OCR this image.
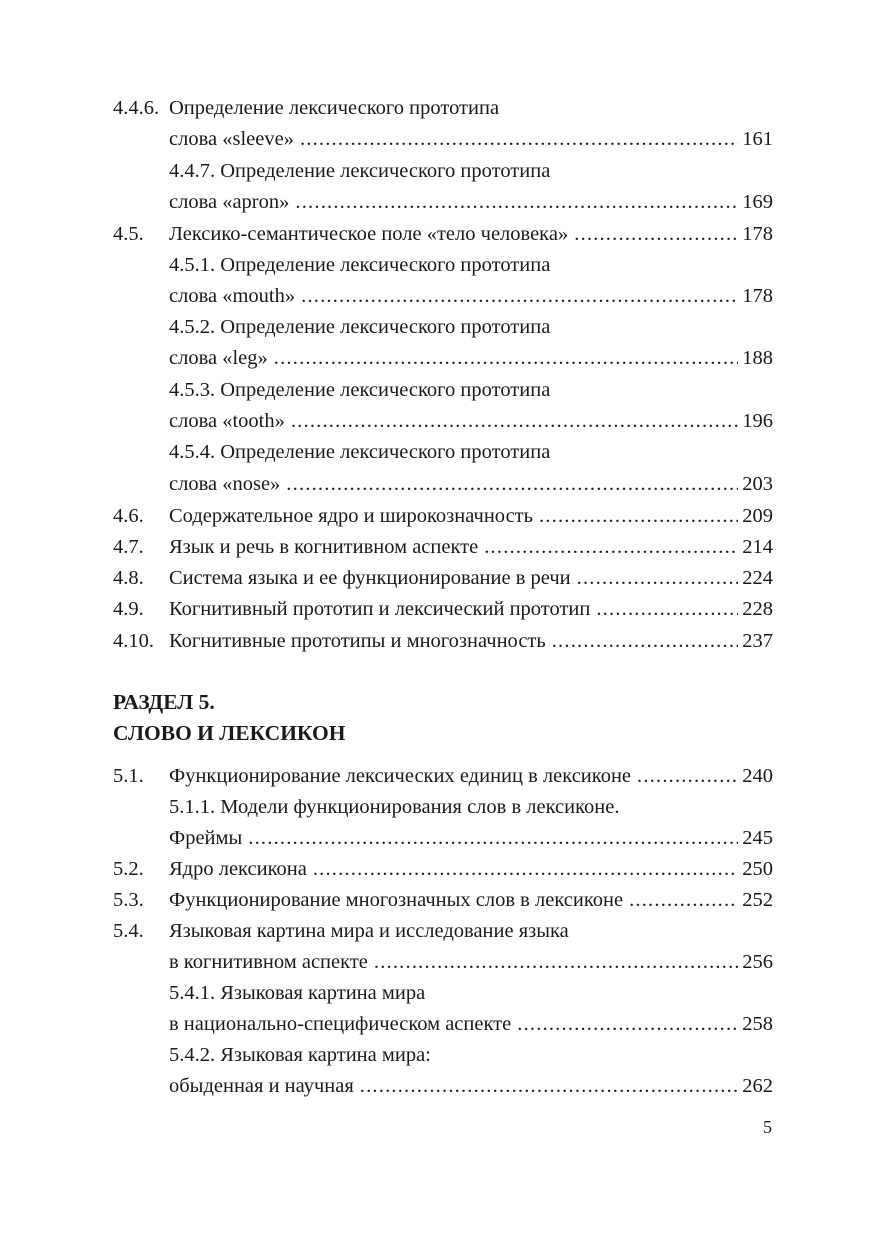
4.4.6. Определение лексического прототипа
слова «sleeve» .....	161
4.4.7. Определение лексического прототипа
слова «apron» .....	169
4.5. Лексико-семантическое поле «тело человека» .....	178
4.5.1. Определение лексического прототипа
слова «mouth» .....	178
4.5.2. Определение лексического прототипа
слова «leg» .....	188
4.5.3. Определение лексического прототипа
слова «tooth» .....	196
4.5.4. Определение лексического прототипа
слова «nose» .....	203
4.6. Содержательное ядро и широкозначность .....	209
4.7. Язык и речь в когнитивном аспекте .....	214
4.8. Система языка и ее функционирование в речи .....	224
4.9. Когнитивный прототип и лексический прототип .....	228
4.10. Когнитивные прототипы и многозначность .....	237
РАЗДЕЛ 5.
СЛОВО И ЛЕКСИКОН
5.1. Функционирование лексических единиц в лексиконе .....	240
5.1.1. Модели функционирования слов в лексиконе.
Фреймы .....	245
5.2. Ядро лексикона .....	250
5.3. Функционирование многозначных слов в лексиконе .....	252
5.4. Языковая картина мира и исследование языка
в когнитивном аспекте .....	256
5.4.1. Языковая картина мира
в национально-специфическом аспекте .....	258
5.4.2. Языковая картина мира:
обыденная и научная .....	262
5
